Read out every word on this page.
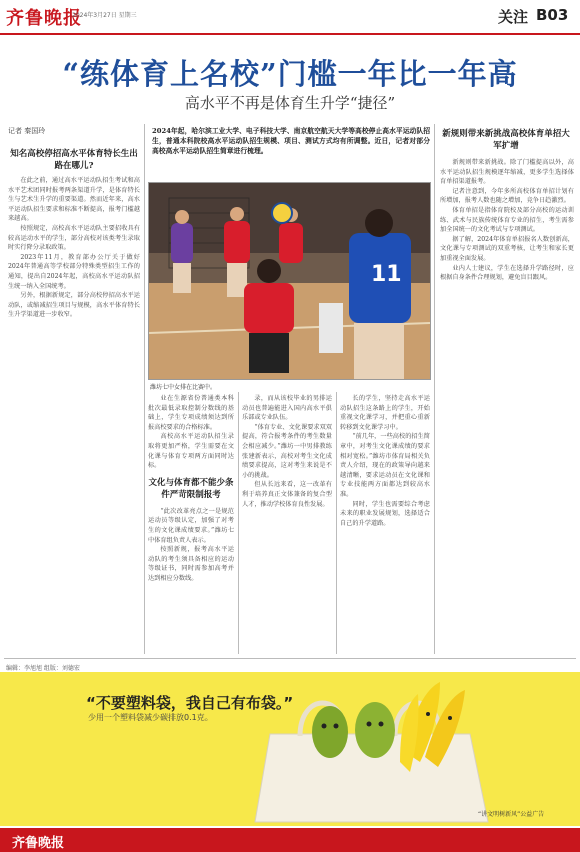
齐鲁晚报
2024年3月27日 星期三	关注 B03
“练体育上名校”门槛一年比一年高
高水平不再是体育生升学“捷径”
记者 秦国玲
知名高校停招高水平体育特长生出路在哪儿?

在此之前，通过高水平运动队招生考试和高水平艺术团同时报考两条渠道升学，是体育特长生与艺术生升学的重要渠道。然而近年来，高水平运动队招生要求和标准不断提高，报考门槛越来越高。

按照规定，高校高水平运动队主要招收具有较高运动水平的学生，部分高校对该类考生录取时实行降分录取政策。

2023年11月，教育部办公厅关于做好2024年普通高等学校部分特殊类型招生工作的通知，提出自2024年起，高校高水平运动队招生统一纳入全国统考。

另外，根据新规定，部分高校停招高水平运动队，或缩减招生项目与规模，高水平体育特长生升学渠道进一步收窄。

2024年起，哈尔滨工业大学、电子科技大学、南京航空航天大学等高校停止高水平运动队招生，普通本科院校高水平运动队招生规模、项目、测试方式均有所调整。近日，记者对部分高校高水平运动队招生简章进行梳理。
11
潍坊七中女排在比赛中。

业在生源省份普通类本科批次最低录取控制分数线的基础上，学生专项成绩须达到所报高校要求的合格标准。

高校高水平运动队招生录取将更加严格，学生需要在文化课与体育专项两方面同时达标。

文化与体育都不能少条件严苛限制报考

“此次改革亮点之一是规范运动员等级认定，加强了对考生的文化课成绩要求。”潍坊七中体育组负责人表示。

按照新规，报考高水平运动队的考生须具备相应的运动等级证书，同时需参加高考并达到相应分数线。

录，而从该校毕业的男排运动员也普遍能进入国内高水平俱乐部或专业队伍。

“体育专业、文化课要求双双提高，符合报考条件的考生数量会相应减少。”潍坊一中男排教练张建新表示，高校对考生文化成绩要求提高，这对考生来说是不小的挑战。

但从长远来看，这一改革有利于培养真正文体兼备的复合型人才，推动学校体育良性发展。

长的学生，坚持走高水平运动队招生这条路上的学生，开始重视文化课学习，并把重心重新转移到文化课学习中。

“前几年，一些高校的招生简章中，对考生文化课成绩的要求相对宽松。”潍坊市体育局相关负责人介绍，现在的政策导向越来越清晰，要求运动员在文化课和专业技能两方面都达到较高水准。

同时，学生也需要综合考虑未来的职业发展规划，选择适合自己的升学道路。

新规则带来新挑战高校体育单招大军扩增

新规则带来新挑战。除了门槛提高以外，高水平运动队招生规模逐年缩减，更多学生选择体育单招渠道报考。

记者注意到，今年多所高校体育单招计划有所增加，报考人数也随之增加，竞争日趋激烈。

体育单招是指体育院校及部分高校的运动训练、武术与民族传统体育专业的招生，考生需参加全国统一的文化考试与专项测试。

据了解，2024年体育单招报名人数创新高，文化课与专项测试的双重考核，让考生和家长更加重视全面发展。

业内人士建议，学生在选择升学路径时，应根据自身条件合理规划，避免盲目跟风。

编辑：李旭旭 组版：刘德宏
“不要塑料袋，我自己有布袋。”
少用一个塑料袋减少碳排放0.1克。
“讲文明树新风”公益广告
齐鲁晚报
